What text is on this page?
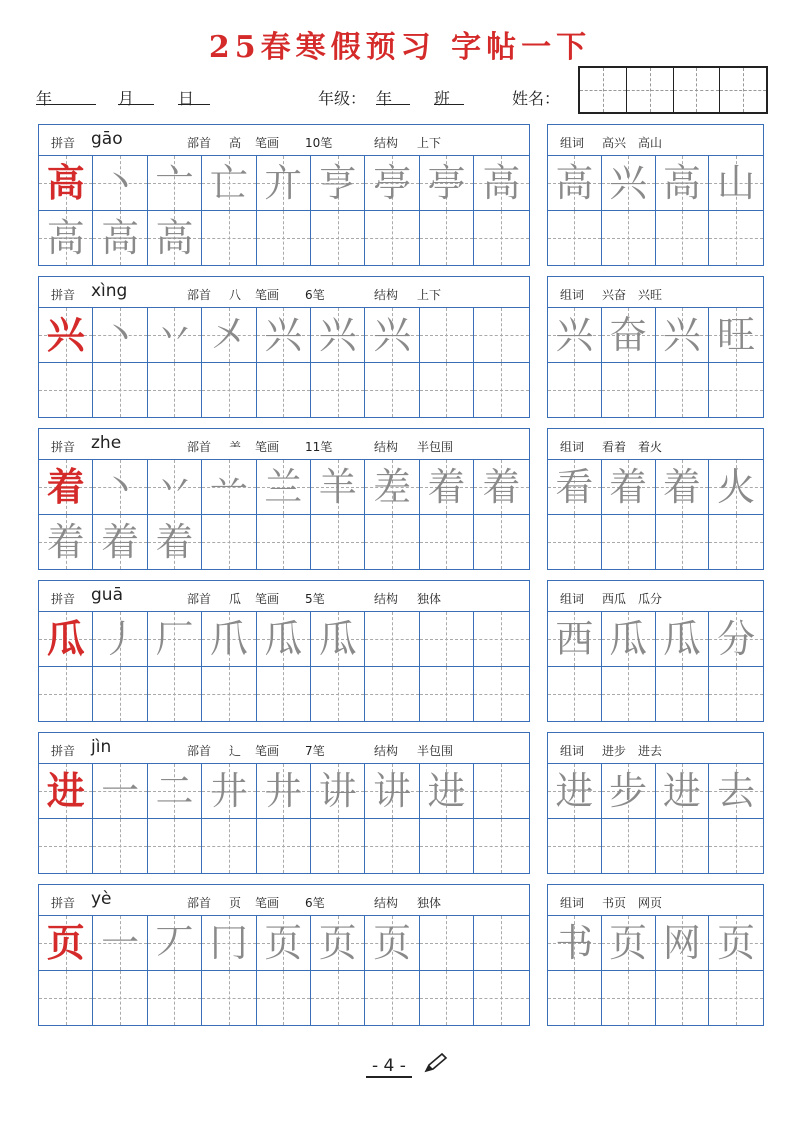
25春寒假预习 字帖一下
年	月	日	年级： 年	班	姓名：
拼音 gāo	部首 高 笔画 10笔	结构 上下
高 丶 亠 亡 亣 亨 亭 亭 高
高 高 高
组词 高兴　高山
高 兴 高 山
拼音 xìng	部首 八 笔画 6笔	结构 上下
兴 丶 丷 㐅 兴 兴 兴
组词 兴奋　兴旺
兴 奋 兴 旺
拼音 zhe	部首 ⺷ 笔画 11笔	结构 半包围
着 丶 丷 䒑 兰 羊 差 着 着
着 着 着
组词 看着　着火
看 着 着 火
拼音 guā	部首 瓜 笔画 5笔	结构 独体
瓜 丿 厂 爪 瓜 瓜
组词 西瓜　瓜分
西 瓜 瓜 分
拼音 jìn	部首 辶 笔画 7笔	结构 半包围
进 一 二 井 井 讲 讲 进
组词 进步　进去
进 步 进 去
拼音 yè	部首 页 笔画 6笔	结构 独体
页 一 丆 冂 页 页 页
组词 书页　网页
书 页 网 页
- 4 -
